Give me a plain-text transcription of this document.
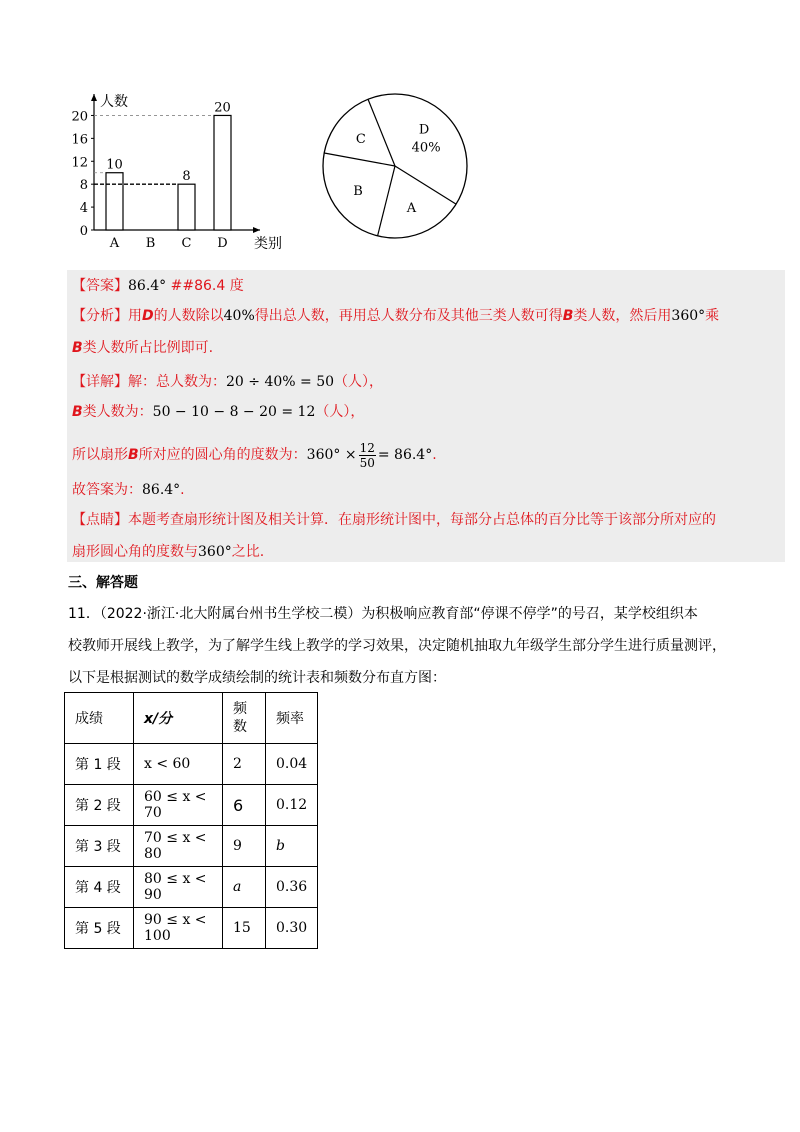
0
4
8
12
16
20
10
A B
8
C
20
D
人数
类别
D
40%
A
B
C
【答案】86.4° ##86.4 度
【分析】用D的人数除以40%得出总人数，再用总人数分布及其他三类人数可得B类人数，然后用360°乘
B类人数所占比例即可.
【详解】解：总人数为：20 ÷ 40% = 50（人），
B类人数为：50 − 10 − 8 − 20 = 12（人），
所以扇形B所对应的圆心角的度数为：$360^\circ \times \frac{12}{50} = 86.4^\circ$.
故答案为：86.4°.
【点睛】本题考查扇形统计图及相关计算．在扇形统计图中，每部分占总体的百分比等于该部分所对应的
扇形圆心角的度数与360°之比.
三、解答题
11．（2022·浙江·北大附属台州书生学校二模）为积极响应教育部“停课不停学”的号召，某学校组织本
校教师开展线上教学，为了解学生线上教学的学习效果，决定随机抽取九年级学生部分学生进行质量测评，
以下是根据测试的数学成绩绘制的统计表和频数分布直方图：
成绩	x/分	频数	频率
第 1 段	x < 60	2	0.04
第 2 段	60 ≤ x < 70	6	0.12
第 3 段	70 ≤ x < 80	9	b
第 4 段	80 ≤ x < 90	a	0.36
第 5 段	90 ≤ x < 100	15	0.30
